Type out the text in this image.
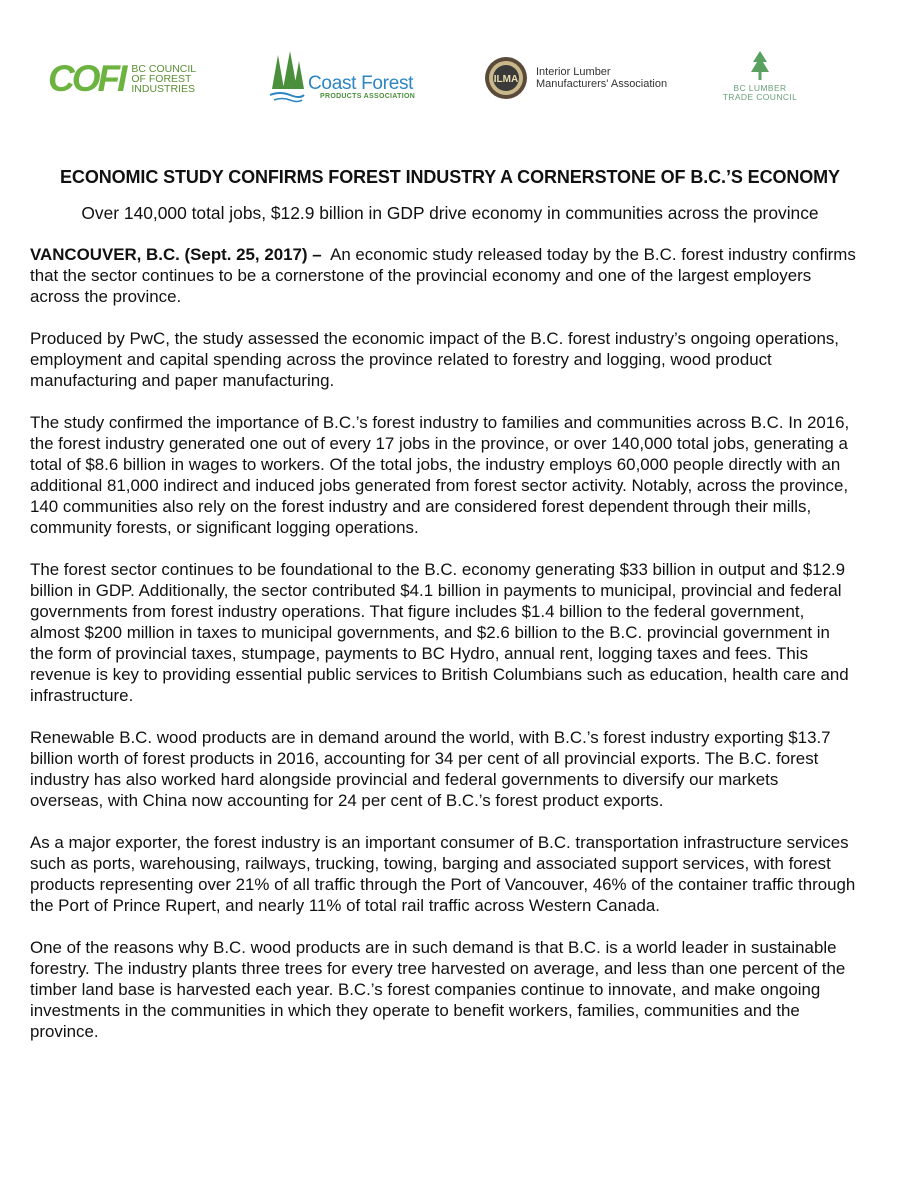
COFI BC COUNCIL OF FOREST INDUSTRIES	Coast Forest
PRODUCTS ASSOCIATION
ILMA
Interior Lumber Manufacturers' Association	BC LUMBER TRADE COUNCIL
ECONOMIC STUDY CONFIRMS FOREST INDUSTRY A CORNERSTONE OF B.C.’S ECONOMY
Over 140,000 total jobs, $12.9 billion in GDP drive economy in communities across the province

VANCOUVER, B.C. (Sept. 25, 2017) – An economic study released today by the B.C. forest industry confirms that the sector continues to be a cornerstone of the provincial economy and one of the largest employers across the province.

Produced by PwC, the study assessed the economic impact of the B.C. forest industry’s ongoing operations, employment and capital spending across the province related to forestry and logging, wood product manufacturing and paper manufacturing.

The study confirmed the importance of B.C.’s forest industry to families and communities across B.C. In 2016, the forest industry generated one out of every 17 jobs in the province, or over 140,000 total jobs, generating a total of $8.6 billion in wages to workers. Of the total jobs, the industry employs 60,000 people directly with an additional 81,000 indirect and induced jobs generated from forest sector activity. Notably, across the province, 140 communities also rely on the forest industry and are considered forest dependent through their mills, community forests, or significant logging operations.

The forest sector continues to be foundational to the B.C. economy generating $33 billion in output and $12.9 billion in GDP. Additionally, the sector contributed $4.1 billion in payments to municipal, provincial and federal governments from forest industry operations. That figure includes $1.4 billion to the federal government, almost $200 million in taxes to municipal governments, and $2.6 billion to the B.C. provincial government in the form of provincial taxes, stumpage, payments to BC Hydro, annual rent, logging taxes and fees. This revenue is key to providing essential public services to British Columbians such as education, health care and infrastructure.

Renewable B.C. wood products are in demand around the world, with B.C.’s forest industry exporting $13.7 billion worth of forest products in 2016, accounting for 34 per cent of all provincial exports. The B.C. forest industry has also worked hard alongside provincial and federal governments to diversify our markets overseas, with China now accounting for 24 per cent of B.C.’s forest product exports.

As a major exporter, the forest industry is an important consumer of B.C. transportation infrastructure services such as ports, warehousing, railways, trucking, towing, barging and associated support services, with forest products representing over 21% of all traffic through the Port of Vancouver, 46% of the container traffic through the Port of Prince Rupert, and nearly 11% of total rail traffic across Western Canada.

One of the reasons why B.C. wood products are in such demand is that B.C. is a world leader in sustainable forestry. The industry plants three trees for every tree harvested on average, and less than one percent of the timber land base is harvested each year. B.C.’s forest companies continue to innovate, and make ongoing investments in the communities in which they operate to benefit workers, families, communities and the province.
